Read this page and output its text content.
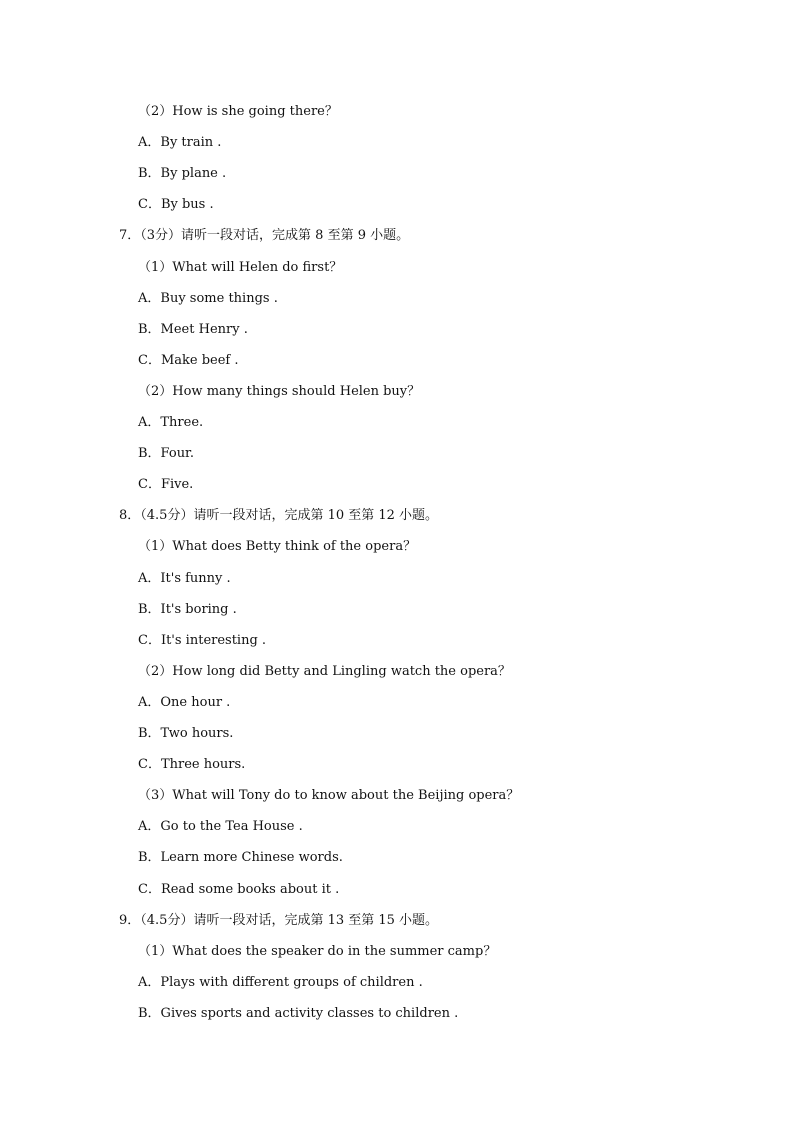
（2）How is she going there？
A．By train .
B．By plane .
C．By bus .
7．（3分）请听一段对话，完成第 8 至第 9 小题。
（1）What will Helen do first？
A．Buy some things .
B．Meet Henry .
C．Make beef .
（2）How many things should Helen buy？
A．Three.
B．Four.
C．Five.
8．（4.5分）请听一段对话，完成第 10 至第 12 小题。
（1）What does Betty think of the opera？
A．It's funny .
B．It's boring .
C．It's interesting .
（2）How long did Betty and Lingling watch the opera？
A．One hour .
B．Two hours.
C．Three hours.
（3）What will Tony do to know about the Beijing opera？
A．Go to the Tea House .
B．Learn more Chinese words.
C．Read some books about it .
9．（4.5分）请听一段对话，完成第 13 至第 15 小题。
（1）What does the speaker do in the summer camp？
A．Plays with different groups of children .
B．Gives sports and activity classes to children .
